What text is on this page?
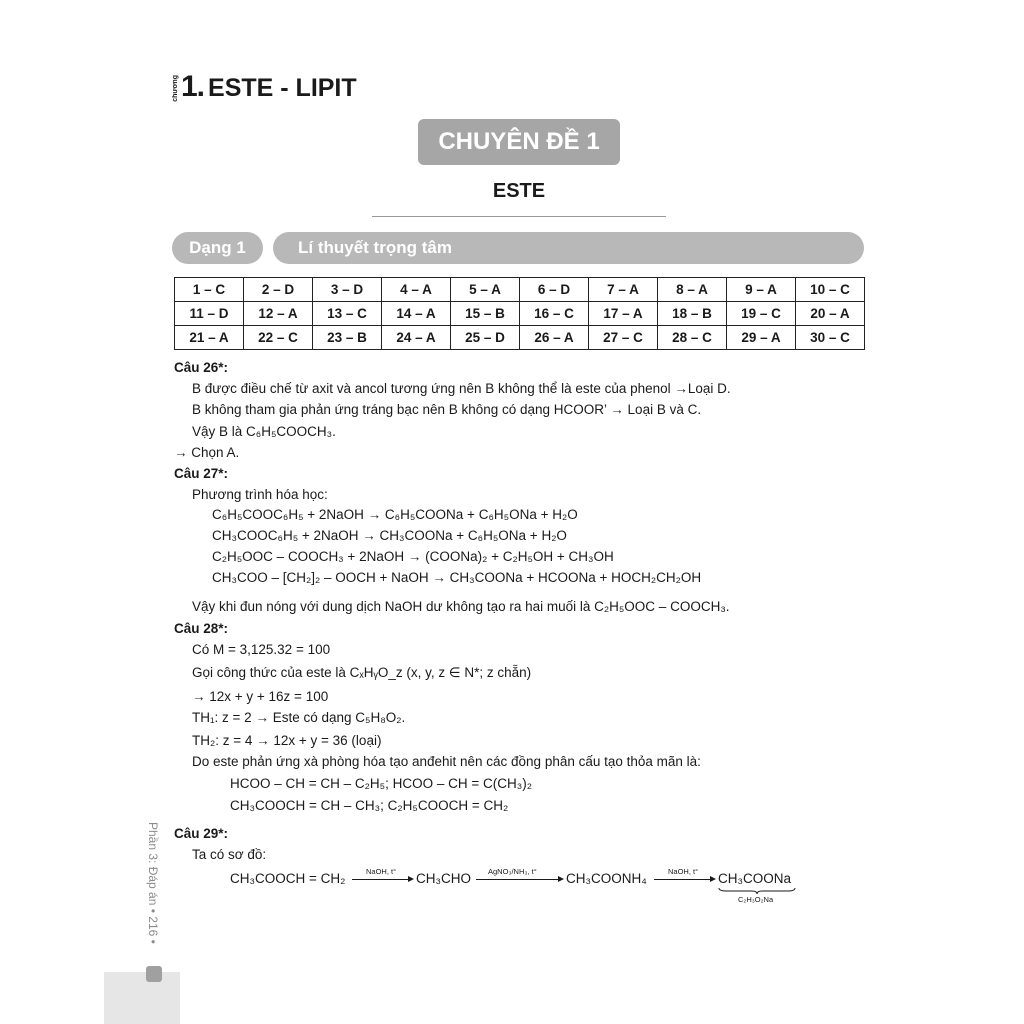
chương 1. ESTE - LIPIT
CHUYÊN ĐỀ 1
ESTE
Dạng 1	Lí thuyết trọng tâm
1 – C	2 – D	3 – D	4 – A	5 – A	6 – D	7 – A	8 – A	9 – A	10 – C
11 – D	12 – A	13 – C	14 – A	15 – B	16 – C	17 – A	18 – B	19 – C	20 – A
21 – A	22 – C	23 – B	24 – A	25 – D	26 – A	27 – C	28 – C	29 – A	30 – C
Câu 26*:
B được điều chế từ axit và ancol tương ứng nên B không thể là este của phenol →Loại D.
B không tham gia phản ứng tráng bạc nên B không có dạng HCOOR’ → Loại B và C.
Vậy B là C₆H₅COOCH₃.
→ Chọn A.
Câu 27*:
Phương trình hóa học:
C₆H₅COOC₆H₅ + 2NaOH → C₆H₅COONa + C₆H₅ONa + H₂O
CH₃COOC₆H₅ + 2NaOH → CH₃COONa + C₆H₅ONa + H₂O
C₂H₅OOC – COOCH₃ + 2NaOH → (COONa)₂ + C₂H₅OH + CH₃OH
CH₃COO – [CH₂]₂ – OOCH + NaOH → CH₃COONa + HCOONa + HOCH₂CH₂OH
Vậy khi đun nóng với dung dịch NaOH dư không tạo ra hai muối là C₂H₅OOC – COOCH₃.
Câu 28*:
Có M = 3,125.32 = 100
Gọi công thức của este là CₓHᵧO_z (x, y, z ∈ N*; z chẵn)
→ 12x + y + 16z = 100
TH₁: z = 2 → Este có dạng C₅H₈O₂.
TH₂: z = 4 → 12x + y = 36 (loại)
Do este phản ứng xà phòng hóa tạo anđehit nên các đồng phân cấu tạo thỏa mãn là:
HCOO – CH = CH – C₂H₅; HCOO – CH = C(CH₃)₂
CH₃COOCH = CH – CH₃; C₂H₅COOCH = CH₂
Câu 29*:
Ta có sơ đồ:
CH₃COOCH = CH₂	NaOH, t° CH₃CHO AgNO₃/NH₃, t° CH₃COONH₄	NaOH, t° CH₃COONa
C₂H₃O₂Na
Phần 3: Đáp án • 216 •
